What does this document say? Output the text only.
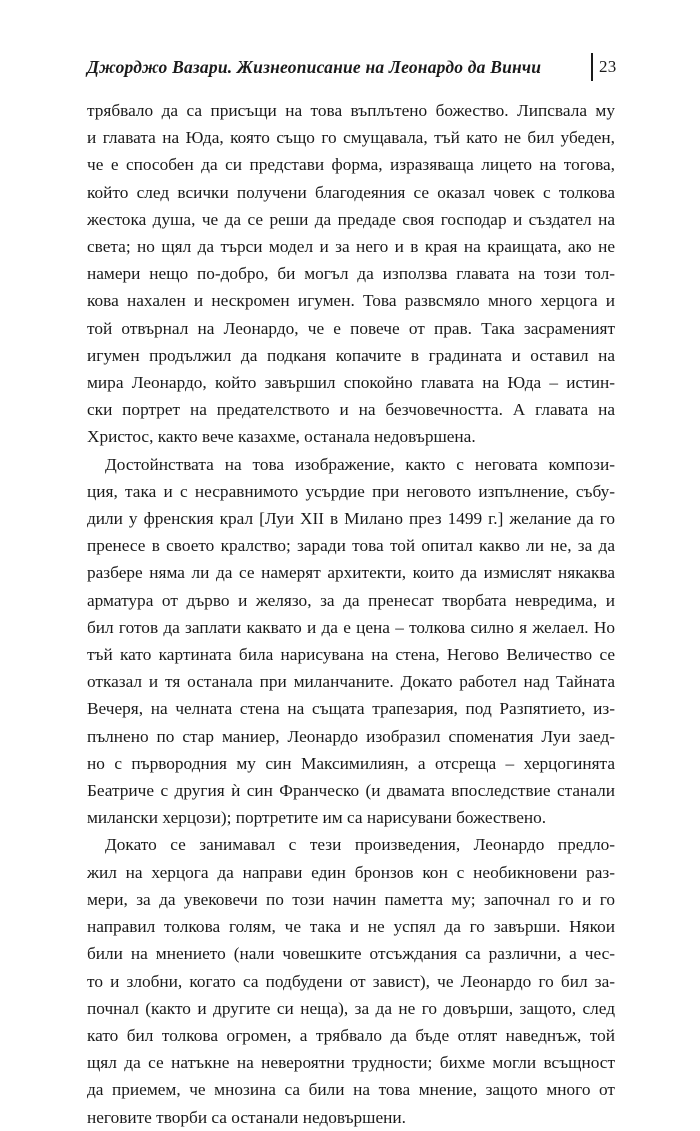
Джорджо Вазари. Жизнеописание на Леонардо да Винчи	23

трябвало да са присъщи на това въплътено божество. Липсвала му
и главата на Юда, която също го смущавала, тъй като не бил убеден,
че е способен да си представи форма, изразяваща лицето на тогова,
който след всички получени благодеяния се оказал човек с толкова
жестока душа, че да се реши да предаде своя господар и създател на
света; но щял да търси модел и за него и в края на краищата, ако не
намери нещо по-добро, би могъл да използва главата на този тол-
кова нахален и нескромен игумен. Това развсмяло много херцога и
той отвърнал на Леонардо, че е повече от прав. Така засраменият
игумен продължил да подканя копачите в градината и оставил на
мира Леонардо, който завършил спокойно главата на Юда – истин-
ски портрет на предателството и на безчовечността. А главата на
Христос, както вече казахме, останала недовършена.

Достойнствата на това изображение, както с неговата компози-
ция, така и с несравнимото усърдие при неговото изпълнение, събу-
дили у френския крал [Луи XII в Милано през 1499 г.] желание да го
пренесе в своето кралство; заради това той опитал какво ли не, за да
разбере няма ли да се намерят архитекти, които да измислят някаква
арматура от дърво и желязо, за да пренесат творбата невредима, и
бил готов да заплати каквато и да е цена – толкова силно я желаел. Но
тъй като картината била нарисувана на стена, Негово Величество се
отказал и тя останала при миланчаните. Докато работел над Тайната
Вечеря, на челната стена на същата трапезария, под Разпятието, из-
пълнено по стар маниер, Леонардо изобразил споменатия Луи заед-
но с първородния му син Максимилиян, а отсреща – херцогинята
Беатриче с другия ѝ син Франческо (и двамата впоследствие станали
милански херцози); портретите им са нарисувани божествено.

Докато се занимавал с тези произведения, Леонардо предло-
жил на херцога да направи един бронзов кон с необикновени раз-
мери, за да увековечи по този начин паметта му; започнал го и го
направил толкова голям, че така и не успял да го завърши. Някои
били на мнението (нали човешките отсъждания са различни, а чес-
то и злобни, когато са подбудени от завист), че Леонардо го бил за-
почнал (както и другите си неща), за да не го довърши, защото, след
като бил толкова огромен, а трябвало да бъде отлят наведнъж, той
щял да се натъкне на невероятни трудности; бихме могли всъщност
да приемем, че мнозина са били на това мнение, защото много от
неговите творби са останали недовършени.
